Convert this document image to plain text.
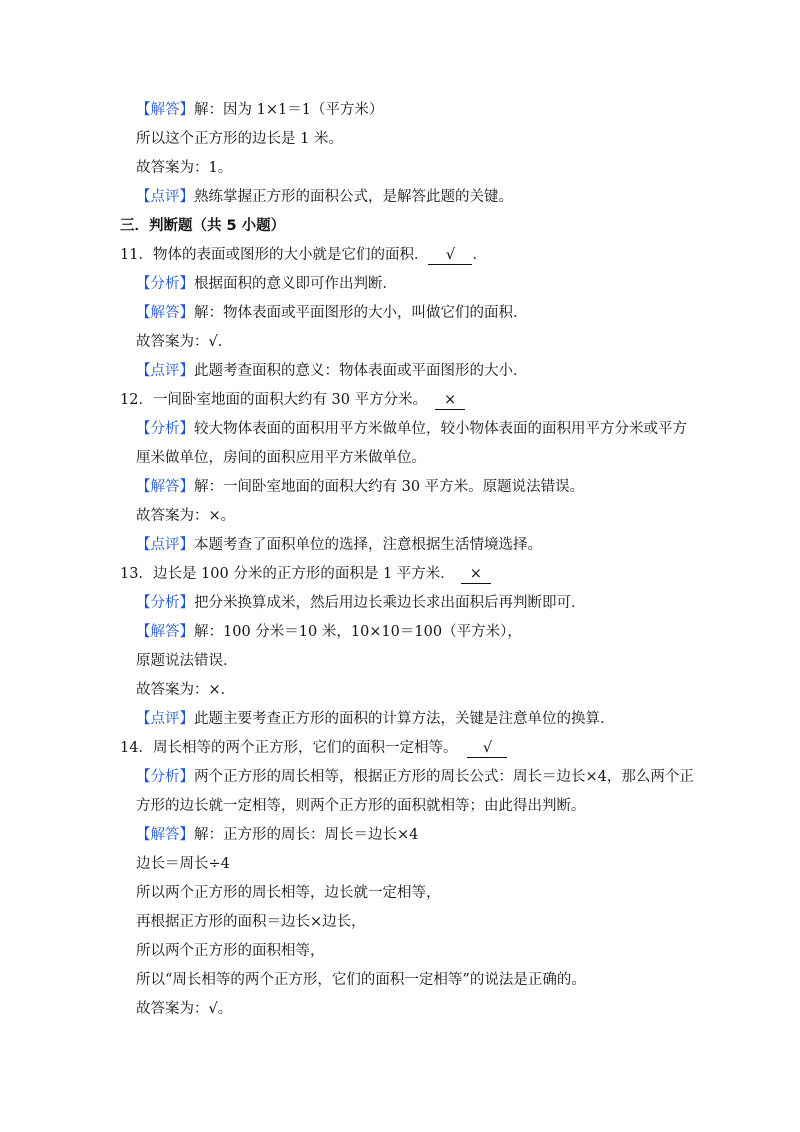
【解答】解：因为 1×1＝1（平方米）
所以这个正方形的边长是 1 米。
故答案为：1。
【点评】熟练掌握正方形的面积公式，是解答此题的关键。
三．判断题（共 5 小题）
11．物体的表面或图形的大小就是它们的面积． √ ．
【分析】根据面积的意义即可作出判断．
【解答】解：物体表面或平面图形的大小，叫做它们的面积．
故答案为：√．
【点评】此题考查面积的意义：物体表面或平面图形的大小．
12．一间卧室地面的面积大约有 30 平方分米。 ×
【分析】较大物体表面的面积用平方米做单位，较小物体表面的面积用平方分米或平方
厘米做单位，房间的面积应用平方米做单位。
【解答】解：一间卧室地面的面积大约有 30 平方米。原题说法错误。
故答案为：×。
【点评】本题考查了面积单位的选择，注意根据生活情境选择。
13．边长是 100 分米的正方形的面积是 1 平方米． ×
【分析】把分米换算成米，然后用边长乘边长求出面积后再判断即可．
【解答】解：100 分米＝10 米，10×10＝100（平方米），
原题说法错误．
故答案为：×．
【点评】此题主要考查正方形的面积的计算方法，关键是注意单位的换算．
14．周长相等的两个正方形，它们的面积一定相等。 √
【分析】两个正方形的周长相等，根据正方形的周长公式：周长＝边长×4，那么两个正
方形的边长就一定相等，则两个正方形的面积就相等；由此得出判断。
【解答】解：正方形的周长：周长＝边长×4
边长＝周长÷4
所以两个正方形的周长相等，边长就一定相等，
再根据正方形的面积＝边长×边长，
所以两个正方形的面积相等，
所以“周长相等的两个正方形，它们的面积一定相等”的说法是正确的。
故答案为：√。
